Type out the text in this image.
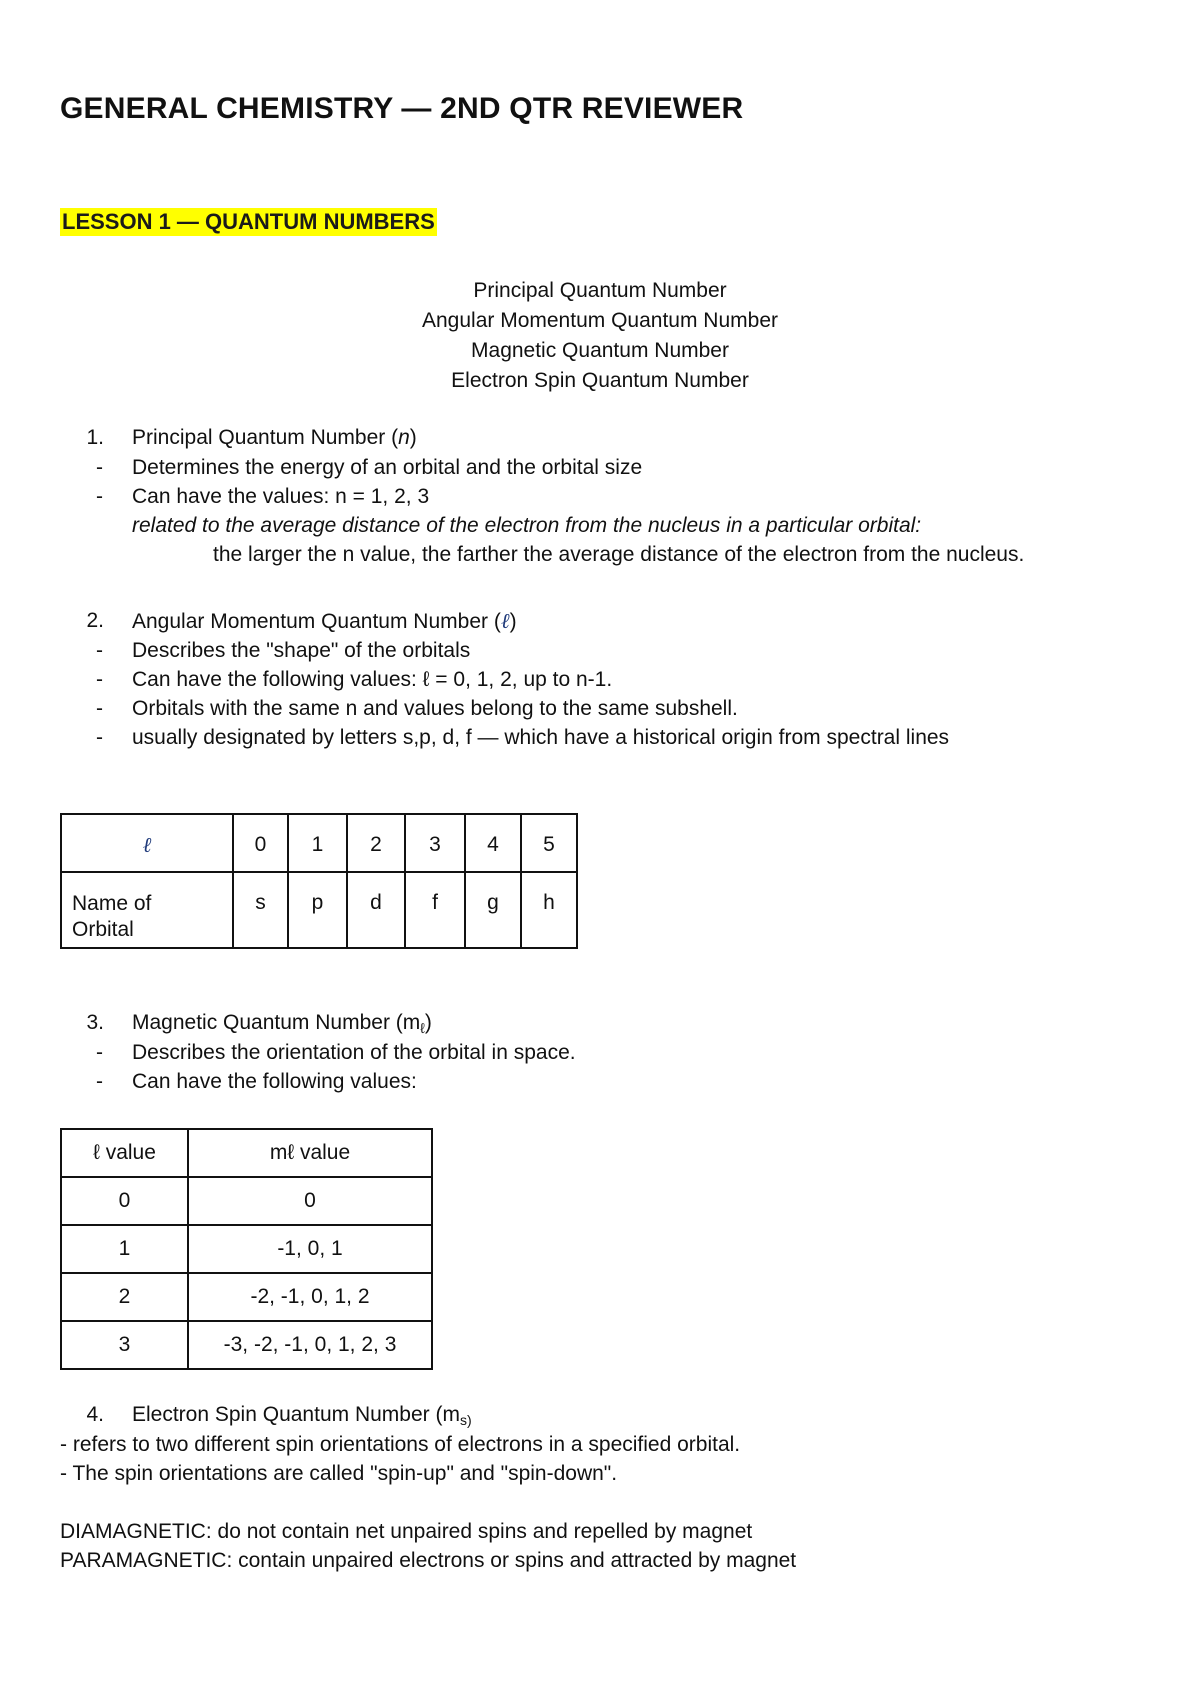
GENERAL CHEMISTRY — 2ND QTR REVIEWER
LESSON 1 — QUANTUM NUMBERS
Principal Quantum Number
Angular Momentum Quantum Number
Magnetic Quantum Number
Electron Spin Quantum Number
1. Principal Quantum Number (n)
- Determines the energy of an orbital and the orbital size
- Can have the values: n = 1, 2, 3
related to the average distance of the electron from the nucleus in a particular orbital:
the larger the n value, the farther the average distance of the electron from the nucleus.
2. Angular Momentum Quantum Number (ℓ)
- Describes the "shape" of the orbitals
- Can have the following values: ℓ = 0, 1, 2, up to n-1.
- Orbitals with the same n and values belong to the same subshell.
- usually designated by letters s,p, d, f — which have a historical origin from spectral lines
ℓ	0	1	2	3	4	5
Name of
Orbital	s	p	d	f	g	h
3. Magnetic Quantum Number $(m_\ell)$
- Describes the orientation of the orbital in space.
- Can have the following values:
ℓ value	mℓ value
0	0
1	-1, 0, 1
2	-2, -1, 0, 1, 2
3	-3, -2, -1, 0, 1, 2, 3
4. Electron Spin Quantum Number ($m_{s)}$
- refers to two different spin orientations of electrons in a specified orbital.
- The spin orientations are called "spin-up" and "spin-down".
DIAMAGNETIC: do not contain net unpaired spins and repelled by magnet
PARAMAGNETIC: contain unpaired electrons or spins and attracted by magnet
